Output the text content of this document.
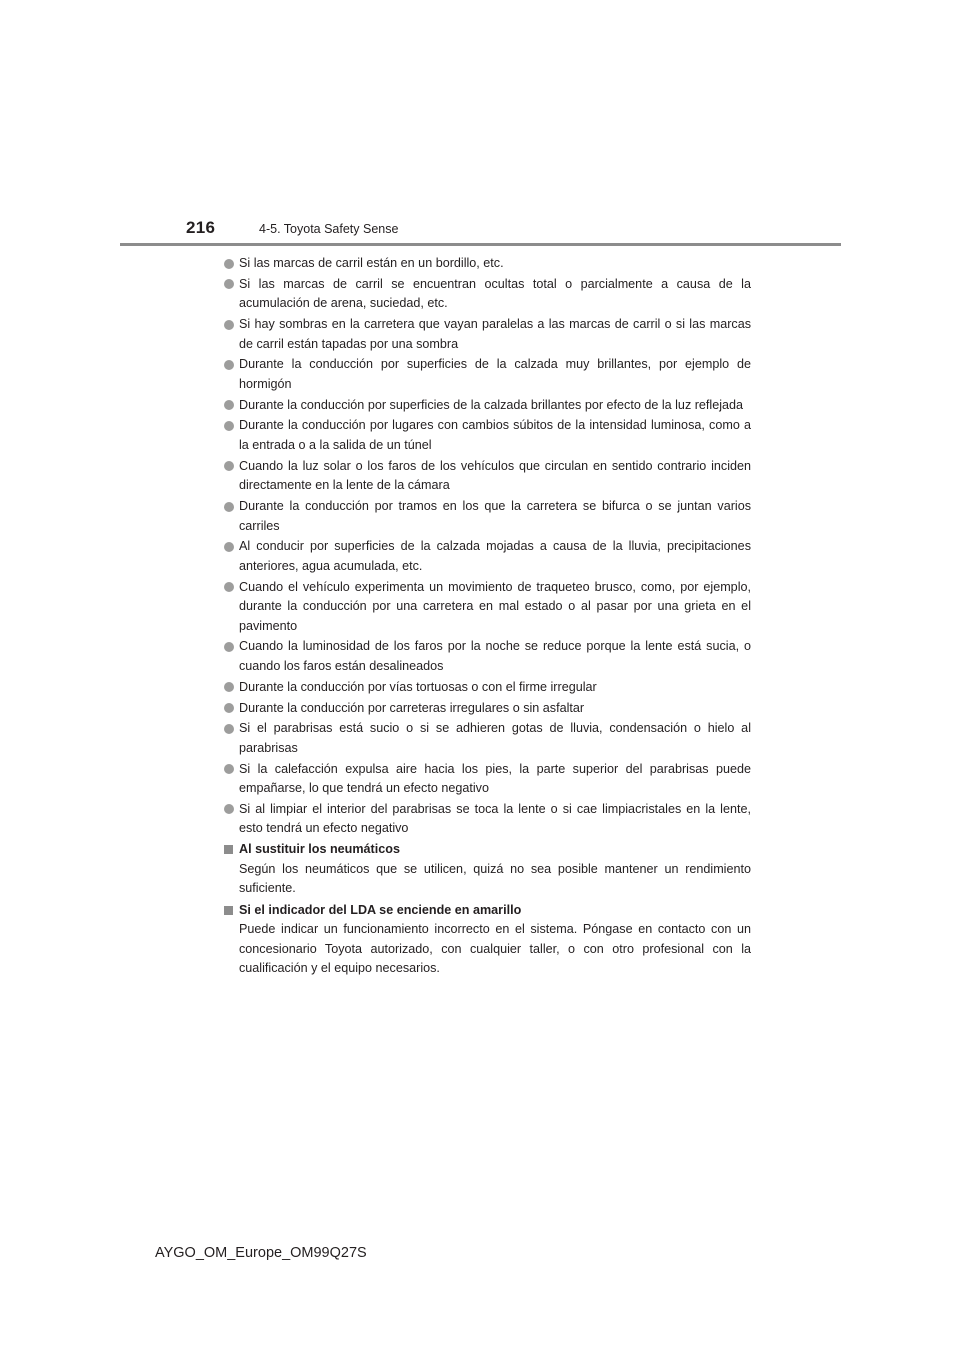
216	4-5. Toyota Safety Sense
Si las marcas de carril están en un bordillo, etc.
Si las marcas de carril se encuentran ocultas total o parcialmente a causa de la acumulación de arena, suciedad, etc.
Si hay sombras en la carretera que vayan paralelas a las marcas de carril o si las marcas de carril están tapadas por una sombra
Durante la conducción por superficies de la calzada muy brillantes, por ejemplo de hormigón
Durante la conducción por superficies de la calzada brillantes por efecto de la luz reflejada
Durante la conducción por lugares con cambios súbitos de la intensidad luminosa, como a la entrada o a la salida de un túnel
Cuando la luz solar o los faros de los vehículos que circulan en sentido contrario inciden directamente en la lente de la cámara
Durante la conducción por tramos en los que la carretera se bifurca o se juntan varios carriles
Al conducir por superficies de la calzada mojadas a causa de la lluvia, precipitaciones anteriores, agua acumulada, etc.
Cuando el vehículo experimenta un movimiento de traqueteo brusco, como, por ejemplo, durante la conducción por una carretera en mal estado o al pasar por una grieta en el pavimento
Cuando la luminosidad de los faros por la noche se reduce porque la lente está sucia, o cuando los faros están desalineados
Durante la conducción por vías tortuosas o con el firme irregular
Durante la conducción por carreteras irregulares o sin asfaltar
Si el parabrisas está sucio o si se adhieren gotas de lluvia, condensación o hielo al parabrisas
Si la calefacción expulsa aire hacia los pies, la parte superior del parabrisas puede empañarse, lo que tendrá un efecto negativo
Si al limpiar el interior del parabrisas se toca la lente o si cae limpiacristales en la lente, esto tendrá un efecto negativo
Al sustituir los neumáticos
Según los neumáticos que se utilicen, quizá no sea posible mantener un rendimiento suficiente.
Si el indicador del LDA se enciende en amarillo
Puede indicar un funcionamiento incorrecto en el sistema. Póngase en contacto con un concesionario Toyota autorizado, con cualquier taller, o con otro profesional con la cualificación y el equipo necesarios.
AYGO_OM_Europe_OM99Q27S
